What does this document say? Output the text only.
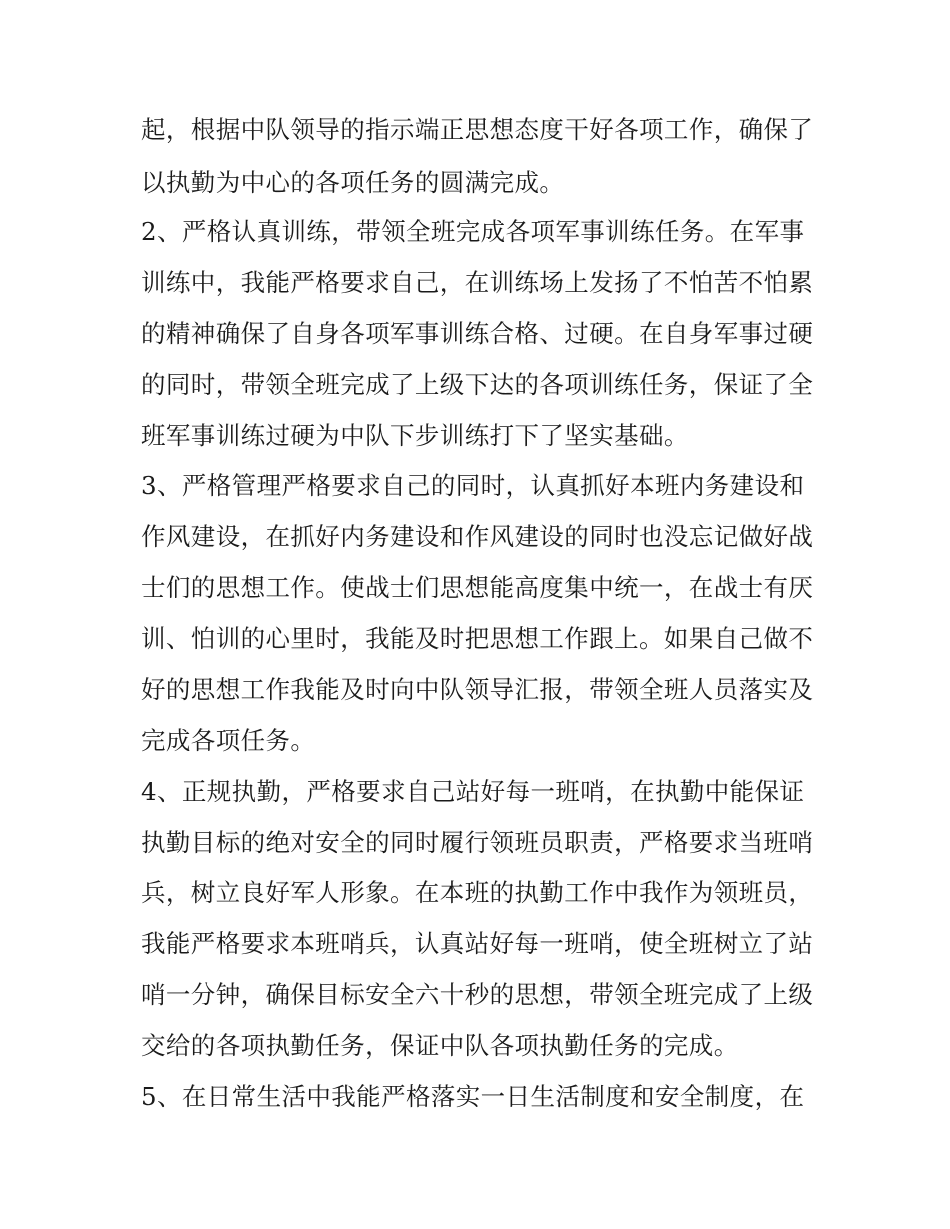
起，根据中队领导的指示端正思想态度干好各项工作，确保了
以执勤为中心的各项任务的圆满完成。
2、严格认真训练，带领全班完成各项军事训练任务。在军事
训练中，我能严格要求自己，在训练场上发扬了不怕苦不怕累
的精神确保了自身各项军事训练合格、过硬。在自身军事过硬
的同时，带领全班完成了上级下达的各项训练任务，保证了全
班军事训练过硬为中队下步训练打下了坚实基础。
3、严格管理严格要求自己的同时，认真抓好本班内务建设和
作风建设，在抓好内务建设和作风建设的同时也没忘记做好战
士们的思想工作。使战士们思想能高度集中统一，在战士有厌
训、怕训的心里时，我能及时把思想工作跟上。如果自己做不
好的思想工作我能及时向中队领导汇报，带领全班人员落实及
完成各项任务。
4、正规执勤，严格要求自己站好每一班哨，在执勤中能保证
执勤目标的绝对安全的同时履行领班员职责，严格要求当班哨
兵，树立良好军人形象。在本班的执勤工作中我作为领班员，
我能严格要求本班哨兵，认真站好每一班哨，使全班树立了站
哨一分钟，确保目标安全六十秒的思想，带领全班完成了上级
交给的各项执勤任务，保证中队各项执勤任务的完成。
5、在日常生活中我能严格落实一日生活制度和安全制度，在
